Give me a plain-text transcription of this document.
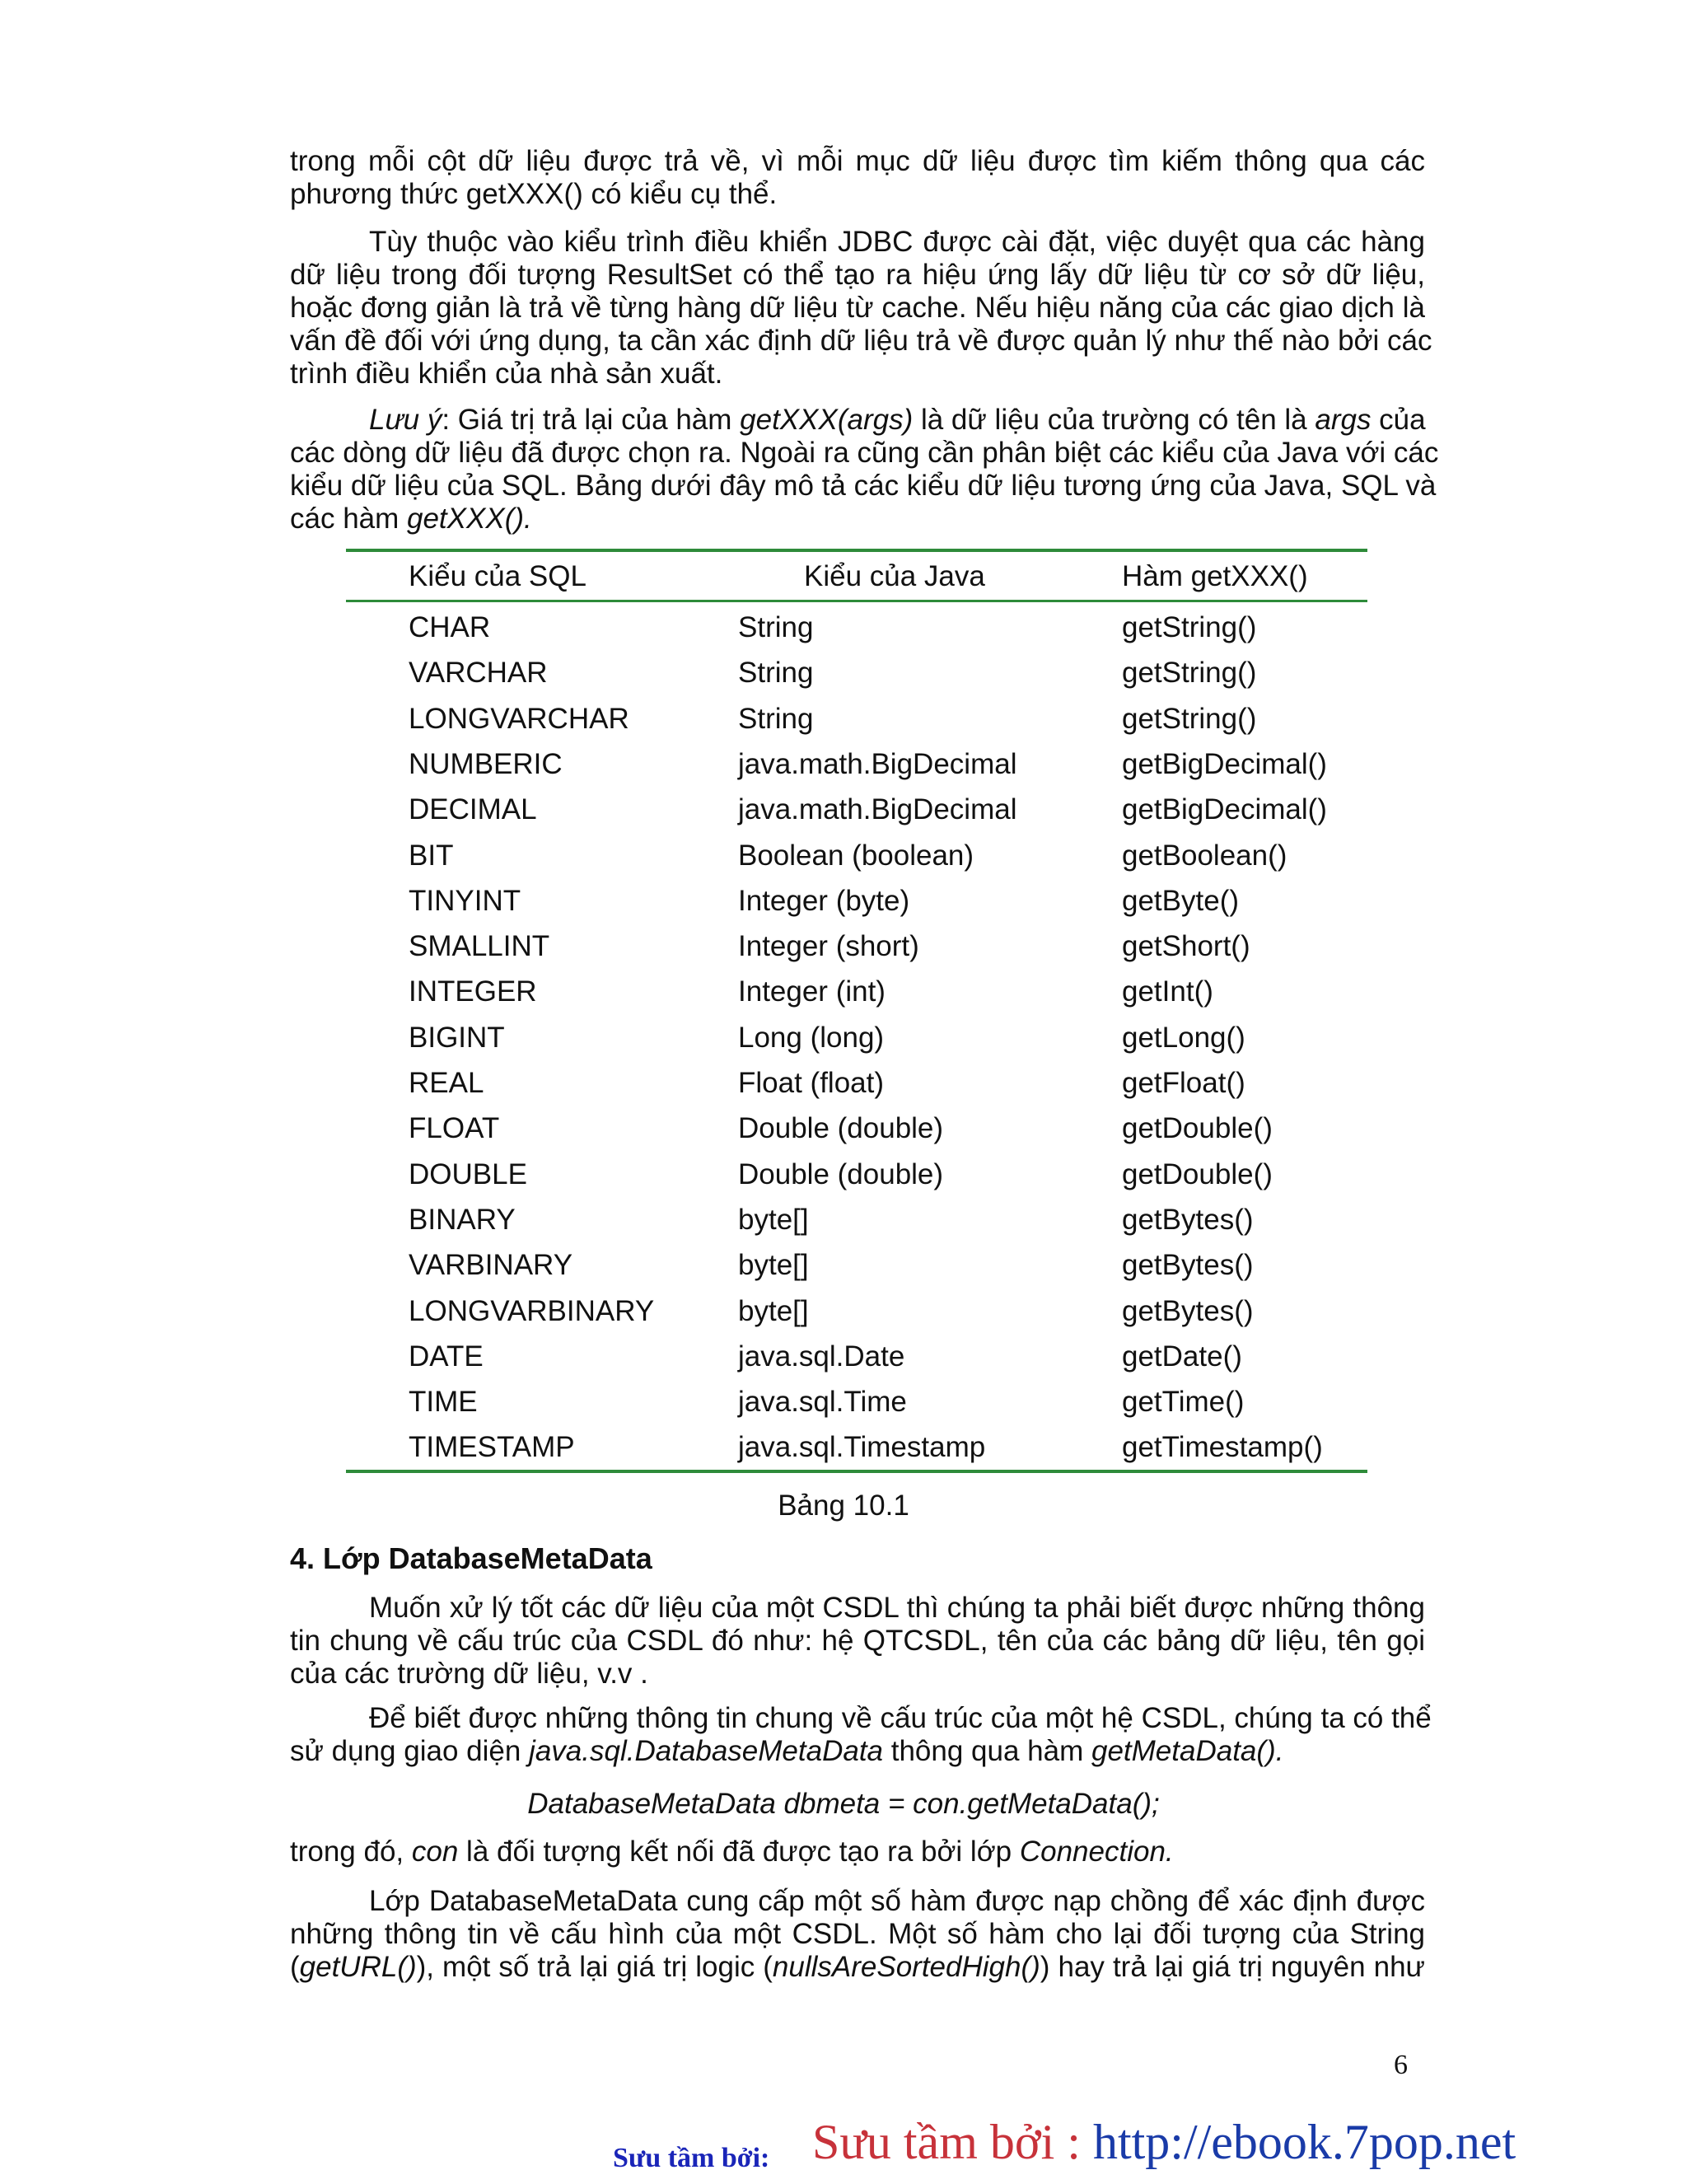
trong mỗi cột dữ liệu được trả về, vì mỗi mục dữ liệu được tìm kiếm thông qua các
phương thức getXXX() có kiểu cụ thể.
Tùy thuộc vào kiểu trình điều khiển JDBC được cài đặt, việc duyệt qua các hàng
dữ liệu trong đối tượng ResultSet có thể tạo ra hiệu ứng lấy dữ liệu từ cơ sở dữ liệu,
hoặc đơng giản là trả về từng hàng dữ liệu từ cache. Nếu hiệu năng của các giao dịch là
vấn đề đối với ứng dụng, ta cần xác định dữ liệu trả về được quản lý như thế nào bởi các
trình điều khiển của nhà sản xuất.
Lưu ý: Giá trị trả lại của hàm getXXX(args) là dữ liệu của trường có tên là args của
các dòng dữ liệu đã được chọn ra. Ngoài ra cũng cần phân biệt các kiểu của Java với các
kiểu dữ liệu của SQL. Bảng dưới đây mô tả các kiểu dữ liệu tương ứng của Java, SQL và
các hàm getXXX().
Kiểu của SQL	Kiểu của Java	Hàm getXXX()
CHAR	String	getString()
VARCHAR	String	getString()
LONGVARCHAR	String	getString()
NUMBERIC	java.math.BigDecimal	getBigDecimal()
DECIMAL	java.math.BigDecimal	getBigDecimal()
BIT	Boolean (boolean)	getBoolean()
TINYINT	Integer (byte)	getByte()
SMALLINT	Integer (short)	getShort()
INTEGER	Integer (int)	getInt()
BIGINT	Long (long)	getLong()
REAL	Float (float)	getFloat()
FLOAT	Double (double)	getDouble()
DOUBLE	Double (double)	getDouble()
BINARY	byte[]	getBytes()
VARBINARY	byte[]	getBytes()
LONGVARBINARY	byte[]	getBytes()
DATE	java.sql.Date	getDate()
TIME	java.sql.Time	getTime()
TIMESTAMP	java.sql.Timestamp	getTimestamp()
Bảng 10.1
4. Lớp DatabaseMetaData
Muốn xử lý tốt các dữ liệu của một CSDL thì chúng ta phải biết được những thông
tin chung về cấu trúc của CSDL đó như: hệ QTCSDL, tên của các bảng dữ liệu, tên gọi
của các trường dữ liệu, v.v .
Để biết được những thông tin chung về cấu trúc của một hệ CSDL, chúng ta có thể
sử dụng giao diện java.sql.DatabaseMetaData thông qua hàm getMetaData().
DatabaseMetaData dbmeta = con.getMetaData();
trong đó, con là đối tượng kết nối đã được tạo ra bởi lớp Connection.
Lớp DatabaseMetaData cung cấp một số hàm được nạp chồng để xác định được
những thông tin về cấu hình của một CSDL. Một số hàm cho lại đối tượng của String
(getURL()), một số trả lại giá trị logic (nullsAreSortedHigh()) hay trả lại giá trị nguyên như
6
Sưu tầm bởi : http://ebook.7pop.net
Sưu tầm bởi:
